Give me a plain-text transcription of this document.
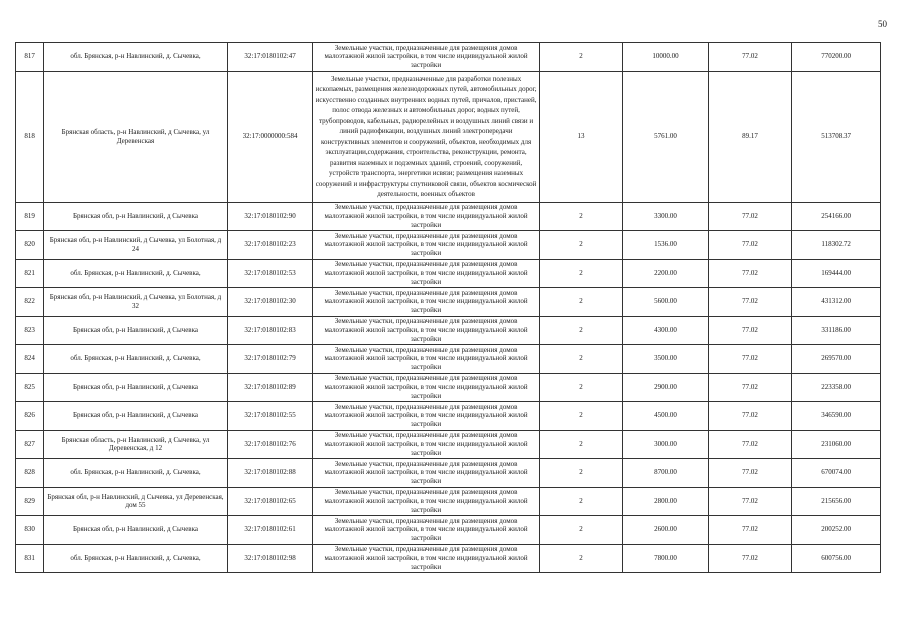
50
817	обл. Брянская, р-н Навлинский, д. Сычевка,	32:17:0180102:47	Земельные участки, предназначенные для размещения домов малоэтажной жилой застройки, в том числе индивидуальной жилой застройки	2	10000.00	77.02	770200.00
818	Брянская область, р-н Навлинский, д Сычевка, ул Деревенская	32:17:0000000:584	Земельные участки, предназначенные для разработки полезных ископаемых, размещения железнодорожных путей, автомобильных дорог, искусственно созданных внутренних водных путей, причалов, пристаней, полос отвода железных и автомобильных дорог, водных путей, трубопроводов, кабельных, радиорелейных и воздушных линий связи и линий радиофикации, воздушных линий электропередачи конструктивных элементов и сооружений, объектов, необходимых для эксплуатации,содержания, строительства, реконструкции, ремонта, развития наземных и подземных зданий, строений, сооружений, устройств транспорта, энергетики исвязи; размещения наземных сооружений и инфраструктуры спутниковой связи, объектов космической деятельности, военных объектов	13	5761.00	89.17	513708.37
819	Брянская обл, р-н Навлинский, д Сычевка	32:17:0180102:90	Земельные участки, предназначенные для размещения домов малоэтажной жилой застройки, в том числе индивидуальной жилой застройки	2	3300.00	77.02	254166.00
820	Брянская обл, р-н Навлинский, д Сычевка, ул Болотная, д 24	32:17:0180102:23	Земельные участки, предназначенные для размещения домов малоэтажной жилой застройки, в том числе индивидуальной жилой застройки	2	1536.00	77.02	118302.72
821	обл. Брянская, р-н Навлинский, д. Сычевка,	32:17:0180102:53	Земельные участки, предназначенные для размещения домов малоэтажной жилой застройки, в том числе индивидуальной жилой застройки	2	2200.00	77.02	169444.00
822	Брянская обл, р-н Навлинский, д Сычевка, ул Болотная, д 32	32:17:0180102:30	Земельные участки, предназначенные для размещения домов малоэтажной жилой застройки, в том числе индивидуальной жилой застройки	2	5600.00	77.02	431312.00
823	Брянская обл, р-н Навлинский, д Сычевка	32:17:0180102:83	Земельные участки, предназначенные для размещения домов малоэтажной жилой застройки, в том числе индивидуальной жилой застройки	2	4300.00	77.02	331186.00
824	обл. Брянская, р-н Навлинский, д. Сычевка,	32:17:0180102:79	Земельные участки, предназначенные для размещения домов малоэтажной жилой застройки, в том числе индивидуальной жилой застройки	2	3500.00	77.02	269570.00
825	Брянская обл, р-н Навлинский, д Сычевка	32:17:0180102:89	Земельные участки, предназначенные для размещения домов малоэтажной жилой застройки, в том числе индивидуальной жилой застройки	2	2900.00	77.02	223358.00
826	Брянская обл, р-н Навлинский, д Сычевка	32:17:0180102:55	Земельные участки, предназначенные для размещения домов малоэтажной жилой застройки, в том числе индивидуальной жилой застройки	2	4500.00	77.02	346590.00
827	Брянская область, р-н Навлинский, д Сычевка, ул Деревенская, д 12	32:17:0180102:76	Земельные участки, предназначенные для размещения домов малоэтажной жилой застройки, в том числе индивидуальной жилой застройки	2	3000.00	77.02	231060.00
828	обл. Брянская, р-н Навлинский, д. Сычевка,	32:17:0180102:88	Земельные участки, предназначенные для размещения домов малоэтажной жилой застройки, в том числе индивидуальной жилой застройки	2	8700.00	77.02	670074.00
829	Брянская обл, р-н Навлинский, д Сычевка, ул Деревенская, дом 55	32:17:0180102:65	Земельные участки, предназначенные для размещения домов малоэтажной жилой застройки, в том числе индивидуальной жилой застройки	2	2800.00	77.02	215656.00
830	Брянская обл, р-н Навлинский, д Сычевка	32:17:0180102:61	Земельные участки, предназначенные для размещения домов малоэтажной жилой застройки, в том числе индивидуальной жилой застройки	2	2600.00	77.02	200252.00
831	обл. Брянская, р-н Навлинский, д. Сычевка,	32:17:0180102:98	Земельные участки, предназначенные для размещения домов малоэтажной жилой застройки, в том числе индивидуальной жилой застройки	2	7800.00	77.02	600756.00
